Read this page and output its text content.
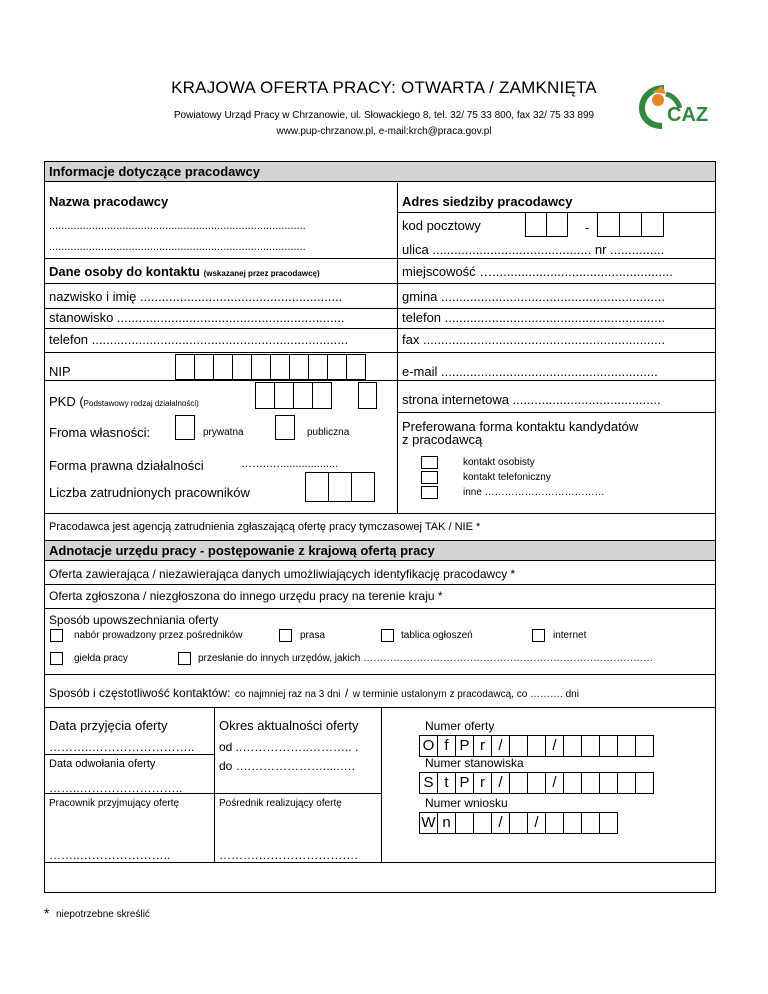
KRAJOWA OFERTA PRACY: OTWARTA / ZAMKNIĘTA
Powiatowy Urząd Pracy w Chrzanowie, ul. Słowackiego 8, tel. 32/ 75 33 800, fax 32/ 75 33 899
www.pup-chrzanow.pl, e-mail:krch@praca.gov.pl
CAZ
Informacje dotyczące pracodawcy
Nazwa pracodawcy
....................................................................................
....................................................................................
Dane osoby do kontaktu (wskazanej przez pracodawcę)
nazwisko i imię ........................................................
stanowisko ...............................................................
telefon .......................................................................
NIP
PKD (Podstawowy rodzaj działalności)
Froma własności:	prywatna	publiczna
Forma prawna działalności	……..…...................
Liczba zatrudnionych pracowników
Adres siedziby pracodawcy
kod pocztowy	-
ulica ............................................ nr ...............
miejscowość …..................................................
gmina ..............................................................
telefon .............................................................
fax ...................................................................
e-mail ............................................................
strona internetowa .........................................
Preferowana forma kontaktu kandydatów
z pracodawcą
kontakt osobisty
kontakt telefoniczny
inne ………………………………
Pracodawca jest agencją zatrudnienia zgłaszającą ofertę pracy tymczasowej TAK / NIE *
Adnotacje urzędu pracy - postępowanie z krajową ofertą pracy
Oferta zawierająca / niezawierająca danych umożliwiających identyfikację pracodawcy *
Oferta zgłoszona / niezgłoszona do innego urzędu pracy na terenie kraju *
Sposób upowszechniania oferty
nabór prowadzony przez pośredników	prasa	tablica ogłoszeń	internet
giełda pracy	przesłanie do innych urzędów, jakich ……………………………………………………………………………
Sposób i częstotliwość kontaktów: co najmniej raz na 3 dni / w terminie ustalonym z pracodawcą, co ………. dni
Data przyjęcia oferty
………..……………………..
Data odwołania oferty
……..……………………..
Okres aktualności oferty
od ..……………..……….. .
do ….……………….....….
Numer oferty
O f P r /	/
Numer stanowiska
S t P r /	/
Numer wniosku
W n	/	/
Pracownik przyjmujący ofertę
……..…………………..
Pośrednik realizujący ofertę
……….…………………….
* niepotrzebne skreślić
